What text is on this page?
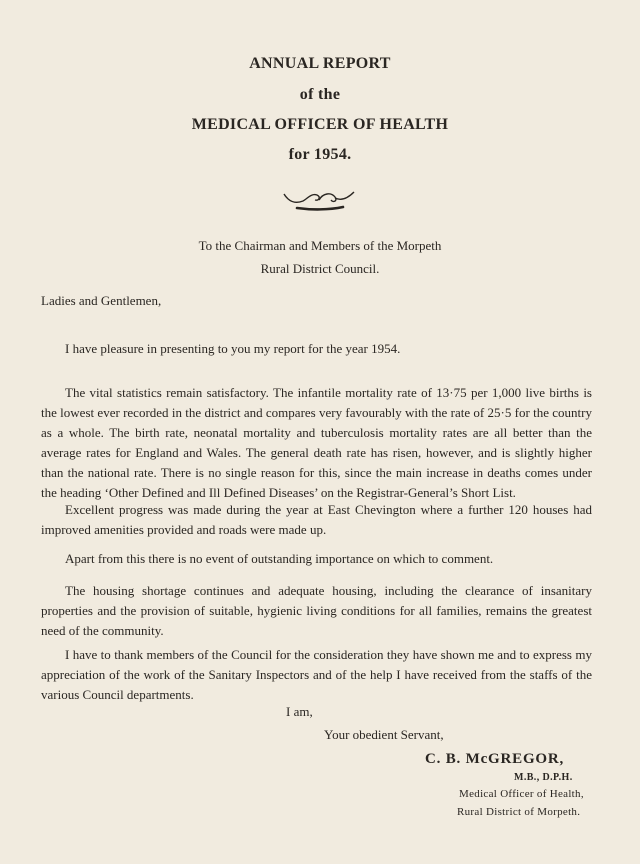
ANNUAL REPORT
of the
MEDICAL OFFICER OF HEALTH
for 1954.
To the Chairman and Members of the Morpeth
Rural District Council.
Ladies and Gentlemen,

I have pleasure in presenting to you my report for the year 1954.

The vital statistics remain satisfactory. The infantile mortality rate of 13·75 per 1,000 live births is the lowest ever recorded in the district and compares very favourably with the rate of 25·5 for the country as a whole. The birth rate, neonatal mortality and tuberculosis mortality rates are all better than the average rates for England and Wales. The general death rate has risen, however, and is slightly higher than the national rate. There is no single reason for this, since the main increase in deaths comes under the heading ‘Other Defined and Ill Defined Diseases’ on the Registrar-General’s Short List.

Excellent progress was made during the year at East Chevington where a further 120 houses had improved amenities provided and roads were made up.

Apart from this there is no event of outstanding importance on which to comment.

The housing shortage continues and adequate housing, including the clearance of insanitary properties and the provision of suitable, hygienic living conditions for all families, remains the greatest need of the community.

I have to thank members of the Council for the consideration they have shown me and to express my appreciation of the work of the Sanitary Inspectors and of the help I have received from the staffs of the various Council departments.

I am,
Your obedient Servant,
C. B. McGREGOR,
M.B., D.P.H.
Medical Officer of Health,
Rural District of Morpeth.
